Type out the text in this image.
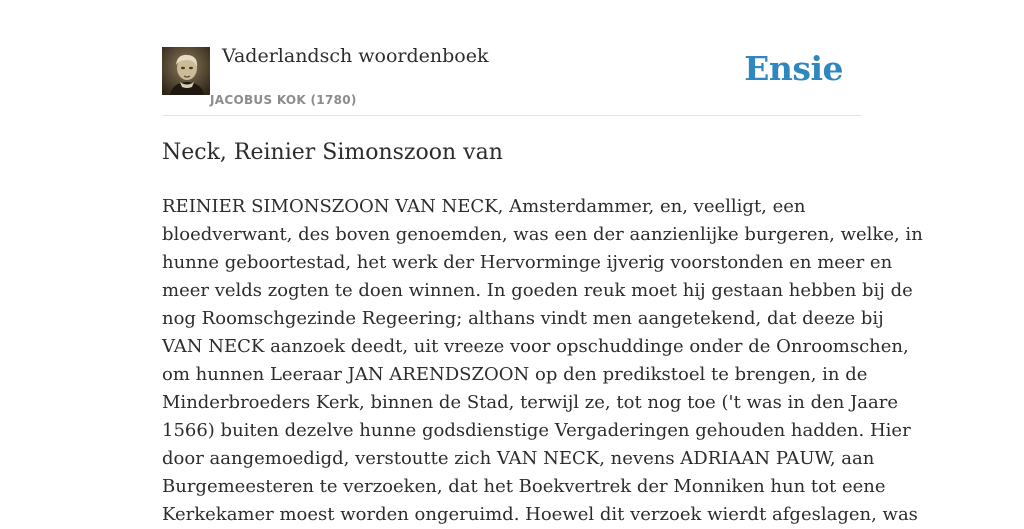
Vaderlandsch woordenboek
JACOBUS KOK (1780)
Ensie
Neck, Reinier Simonszoon van
REINIER SIMONSZOON VAN NECK, Amsterdammer, en, veelligt, een
bloedverwant, des boven genoemden, was een der aanzienlijke burgeren, welke, in
hunne geboortestad, het werk der Hervorminge ijverig voorstonden en meer en
meer velds zogten te doen winnen. In goeden reuk moet hij gestaan hebben bij de
nog Roomschgezinde Regeering; althans vindt men aangetekend, dat deeze bij
VAN NECK aanzoek deedt, uit vreeze voor opschuddinge onder de Onroomschen,
om hunnen Leeraar JAN ARENDSZOON op den predikstoel te brengen, in de
Minderbroeders Kerk, binnen de Stad, terwijl ze, tot nog toe ('t was in den Jaare
1566) buiten dezelve hunne godsdienstige Vergaderingen gehouden hadden. Hier
door aangemoedigd, verstoutte zich VAN NECK, nevens ADRIAAN PAUW, aan
Burgemeesteren te verzoeken, dat het Boekvertrek der Monniken hun tot eene
Kerkekamer moest worden ongeruimd. Hoewel dit verzoek wierdt afgeslagen, was
